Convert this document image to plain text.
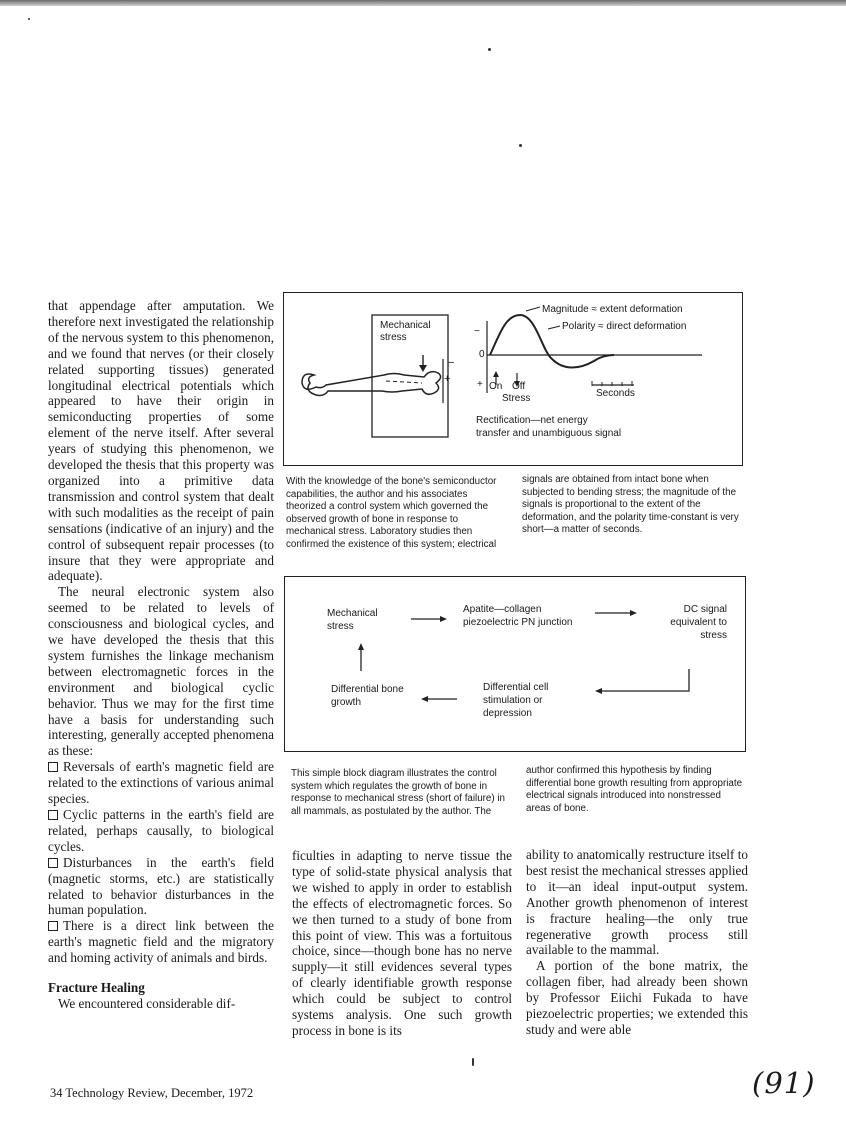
that appendage after amputation. We therefore next investigated the relationship of the nervous system to this phenomenon, and we found that nerves (or their closely related supporting tissues) generated longitudinal electrical potentials which appeared to have their origin in semiconducting properties of some element of the nerve itself. After several years of studying this phenomenon, we developed the thesis that this property was organized into a primitive data transmission and control system that dealt with such modalities as the receipt of pain sensations (indicative of an injury) and the control of subsequent repair processes (to insure that they were appropriate and adequate).

The neural electronic system also seemed to be related to levels of consciousness and biological cycles, and we have developed the thesis that this system furnishes the linkage mechanism between electromagnetic forces in the environment and biological cyclic behavior. Thus we may for the first time have a basis for understanding such interesting, generally accepted phenomena as these:

Reversals of earth's magnetic field are related to the extinctions of various animal species.

Cyclic patterns in the earth's field are related, perhaps causally, to biological cycles.

Disturbances in the earth's field (magnetic storms, etc.) are statistically related to behavior disturbances in the human population.

There is a direct link between the earth's magnetic field and the migratory and homing activity of animals and birds.

Fracture Healing

We encountered considerable dif-

Mechanical stress
−
+
−
0
+
Magnitude ≈ extent deformation
Polarity ≈ direct deformation
On Off
Stress	Seconds
Rectification—net energy
transfer and unambiguous signal

With the knowledge of the bone's semiconductor capabilities, the author and his associates theorized a control system which governed the observed growth of bone in response to mechanical stress. Laboratory studies then confirmed the existence of this system; electrical

signals are obtained from intact bone when subjected to bending stress; the magnitude of the signals is proportional to the extent of the deformation, and the polarity time-constant is very short—a matter of seconds.

Mechanical stress
Apatite—collagen piezoelectric PN junction
DC signal equivalent to stress
Differential bone growth
Differential cell stimulation or depression

This simple block diagram illustrates the control system which regulates the growth of bone in response to mechanical stress (short of failure) in all mammals, as postulated by the author. The

author confirmed this hypothesis by finding differential bone growth resulting from appropriate electrical signals introduced into nonstressed areas of bone.

ficulties in adapting to nerve tissue the type of solid-state physical analysis that we wished to apply in order to establish the effects of electromagnetic forces. So we then turned to a study of bone from this point of view. This was a fortuitous choice, since—though bone has no nerve supply—it still evidences several types of clearly identifiable growth response which could be subject to control systems analysis. One such growth process in bone is its

ability to anatomically restructure itself to best resist the mechanical stresses applied to it—an ideal input-output system. Another growth phenomenon of interest is fracture healing—the only true regenerative growth process still available to the mammal.

A portion of the bone matrix, the collagen fiber, had already been shown by Professor Eiichi Fukada to have piezoelectric properties; we extended this study and were able

34 Technology Review, December, 1972	(91)
